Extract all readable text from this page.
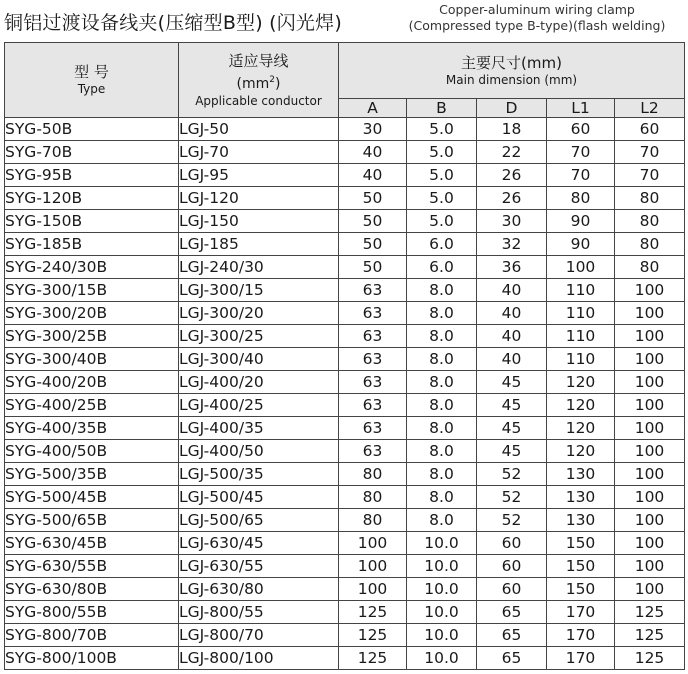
铜铝过渡设备线夹(压缩型B型) (闪光焊)
Copper-aluminum wiring clamp
(Compressed type B-type)(flash welding)
型 号
Type	适应导线
$(mm^2)$
Applicable conductor	主要尺寸(mm)
Main dimension (mm)				

		A	B	D	L1	L2
SYG-50B	LGJ-50	30	5.0	18	60	60
SYG-70B	LGJ-70	40	5.0	22	70	70
SYG-95B	LGJ-95	40	5.0	26	70	70
SYG-120B	LGJ-120	50	5.0	26	80	80
SYG-150B	LGJ-150	50	5.0	30	90	80
SYG-185B	LGJ-185	50	6.0	32	90	80
SYG-240/30B	LGJ-240/30	50	6.0	36	100	80
SYG-300/15B	LGJ-300/15	63	8.0	40	110	100
SYG-300/20B	LGJ-300/20	63	8.0	40	110	100
SYG-300/25B	LGJ-300/25	63	8.0	40	110	100
SYG-300/40B	LGJ-300/40	63	8.0	40	110	100
SYG-400/20B	LGJ-400/20	63	8.0	45	120	100
SYG-400/25B	LGJ-400/25	63	8.0	45	120	100
SYG-400/35B	LGJ-400/35	63	8.0	45	120	100
SYG-400/50B	LGJ-400/50	63	8.0	45	120	100
SYG-500/35B	LGJ-500/35	80	8.0	52	130	100
SYG-500/45B	LGJ-500/45	80	8.0	52	130	100
SYG-500/65B	LGJ-500/65	80	8.0	52	130	100
SYG-630/45B	LGJ-630/45	100	10.0	60	150	100
SYG-630/55B	LGJ-630/55	100	10.0	60	150	100
SYG-630/80B	LGJ-630/80	100	10.0	60	150	100
SYG-800/55B	LGJ-800/55	125	10.0	65	170	125
SYG-800/70B	LGJ-800/70	125	10.0	65	170	125
SYG-800/100B	LGJ-800/100	125	10.0	65	170	125
